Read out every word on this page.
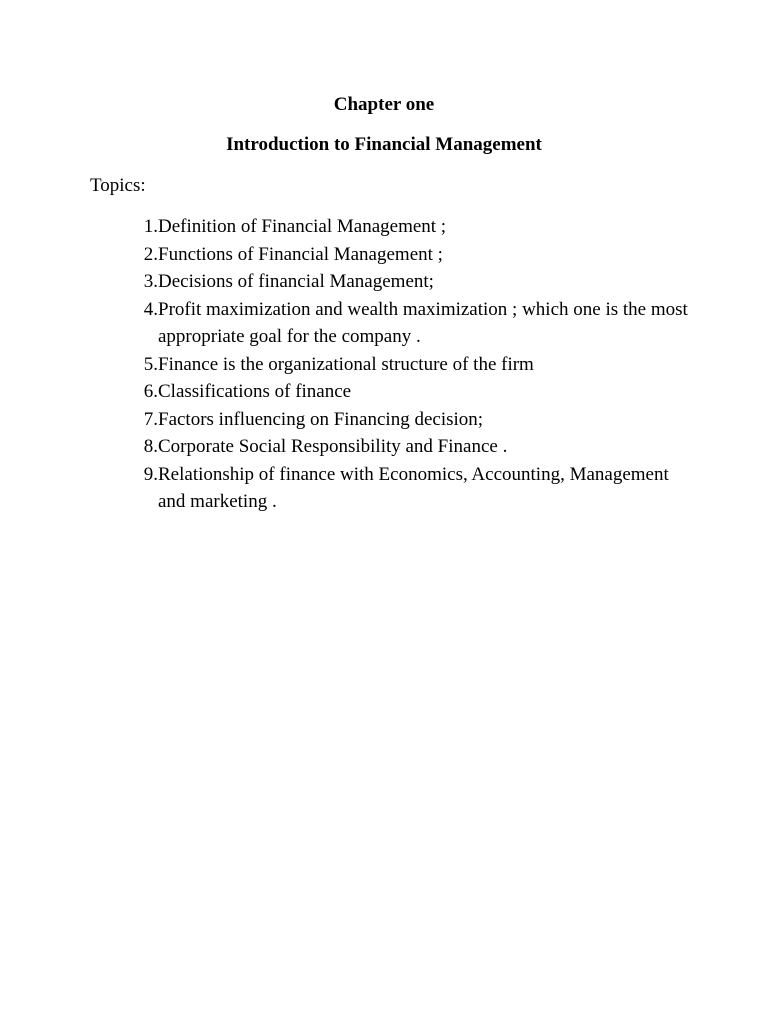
Chapter one
Introduction to Financial Management

Topics:

1. Definition of Financial Management ;
2. Functions of Financial Management ;
3. Decisions of financial Management;
4. Profit maximization and wealth maximization ; which one is the most appropriate goal for the company .
5. Finance is the organizational structure of the firm
6. Classifications of finance
7. Factors influencing on Financing decision;
8. Corporate Social Responsibility and Finance .
9. Relationship of finance with Economics, Accounting, Management and marketing .
